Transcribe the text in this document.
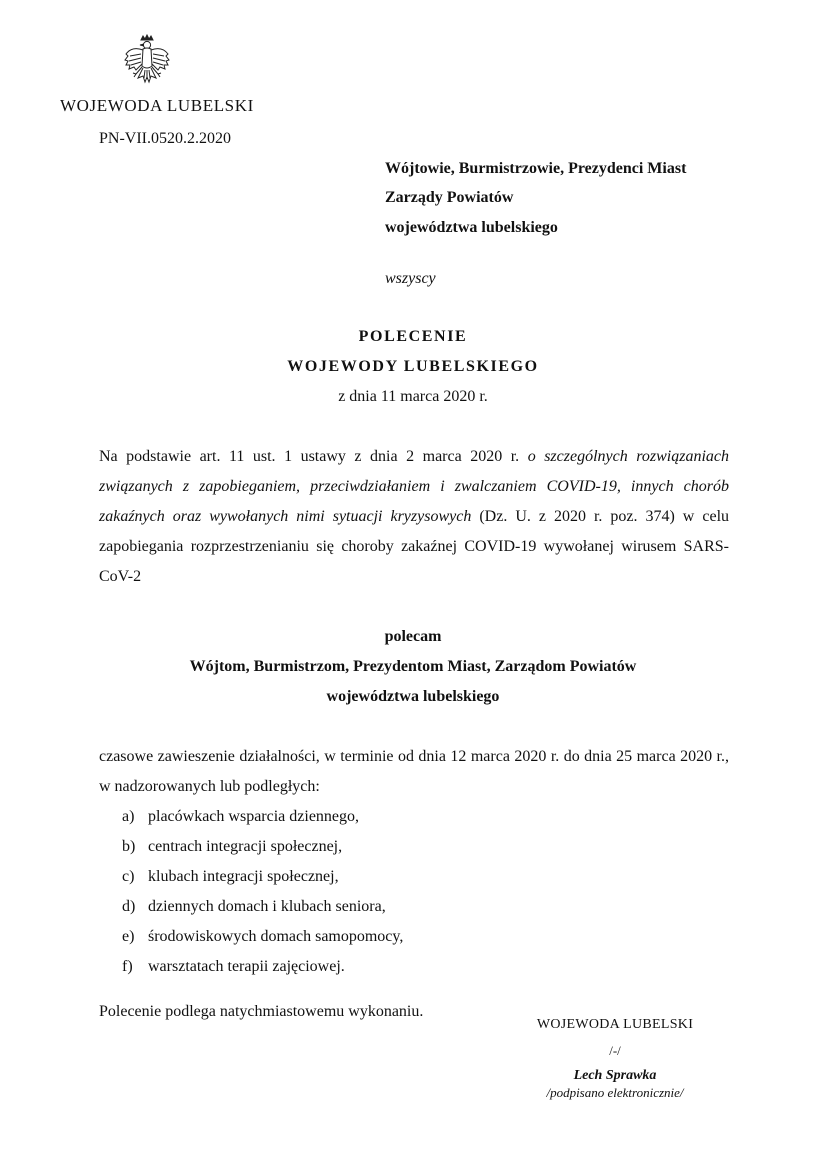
WOJEWODA LUBELSKI
PN-VII.0520.2.2020
Wójtowie, Burmistrzowie, Prezydenci Miast
Zarządy Powiatów
województwa lubelskiego
wszyscy
POLECENIE
WOJEWODY LUBELSKIEGO
z dnia 11 marca 2020 r.
Na podstawie art. 11 ust. 1 ustawy z dnia 2 marca 2020 r. o szczególnych rozwiązaniach związanych z zapobieganiem, przeciwdziałaniem i zwalczaniem COVID-19, innych chorób zakaźnych oraz wywołanych nimi sytuacji kryzysowych (Dz. U. z 2020 r. poz. 374) w celu zapobiegania rozprzestrzenianiu się choroby zakaźnej COVID-19 wywołanej wirusem SARS-CoV-2
polecam
Wójtom, Burmistrzom, Prezydentom Miast, Zarządom Powiatów
województwa lubelskiego
czasowe zawieszenie działalności, w terminie od dnia 12 marca 2020 r. do dnia 25 marca 2020 r., w nadzorowanych lub podległych:
a) placówkach wsparcia dziennego,
b) centrach integracji społecznej,
c) klubach integracji społecznej,
d) dziennych domach i klubach seniora,
e) środowiskowych domach samopomocy,
f) warsztatach terapii zajęciowej.
Polecenie podlega natychmiastowemu wykonaniu.
WOJEWODA LUBELSKI
/-/
Lech Sprawka
/podpisano elektronicznie/
